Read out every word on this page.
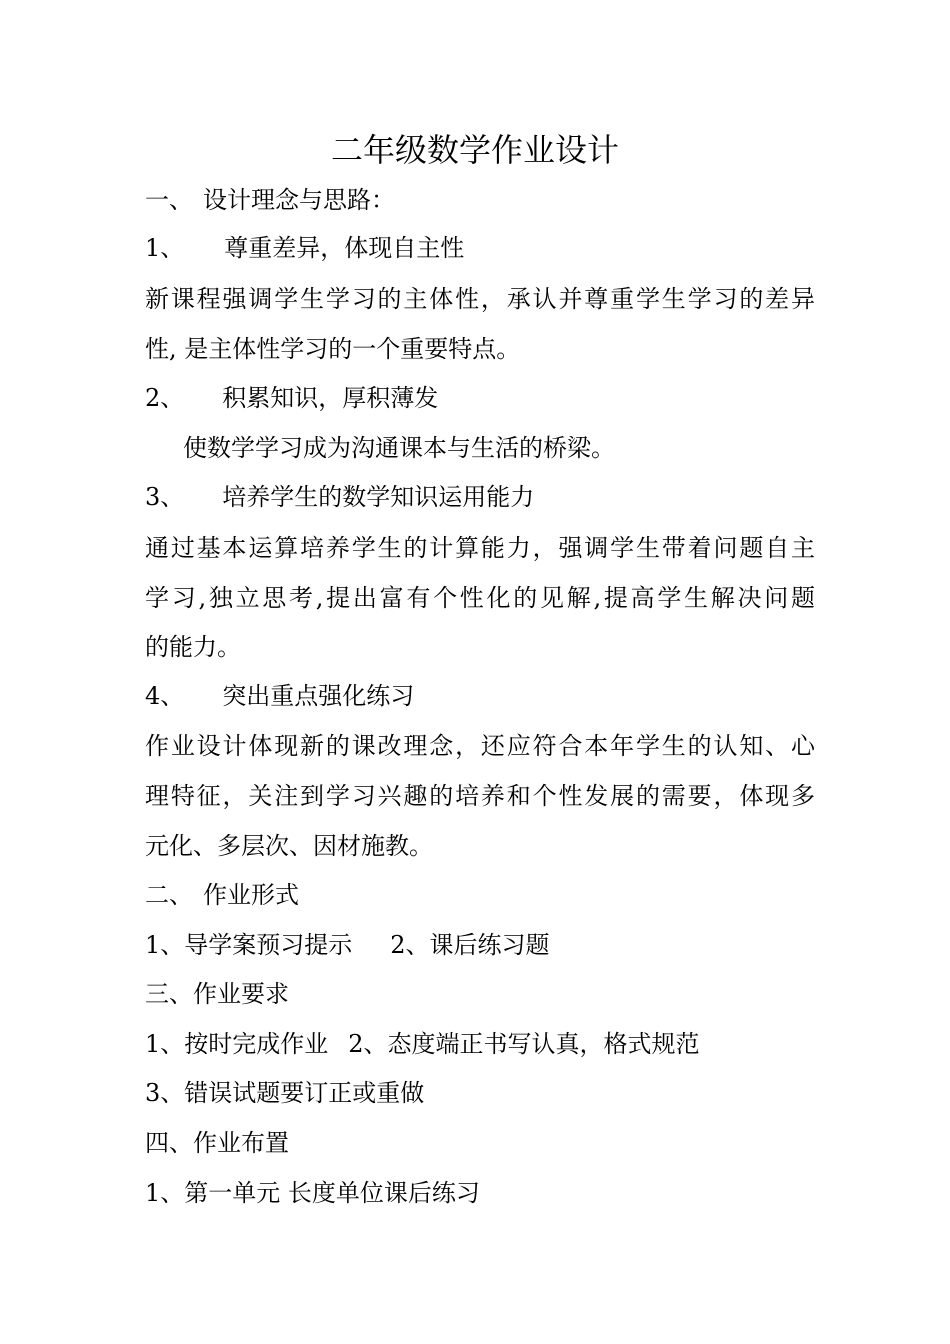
二年级数学作业设计
一、 设计理念与思路：
1、 尊重差异，体现自主性
新课程强调学生学习的主体性，承认并尊重学生学习的差异
性, 是主体性学习的一个重要特点。
2、 积累知识，厚积薄发
使数学学习成为沟通课本与生活的桥梁。
3、 培养学生的数学知识运用能力
通过基本运算培养学生的计算能力，强调学生带着问题自主
学习,独立思考,提出富有个性化的见解,提高学生解决问题
的能力。
4、 突出重点强化练习
作业设计体现新的课改理念，还应符合本年学生的认知、心
理特征，关注到学习兴趣的培养和个性发展的需要，体现多
元化、多层次、因材施教。
二、 作业形式
1、导学案预习提示 2、课后练习题
三、作业要求
1、按时完成作业 2、态度端正书写认真，格式规范
3、错误试题要订正或重做
四、作业布置
1、第一单元 长度单位课后练习
